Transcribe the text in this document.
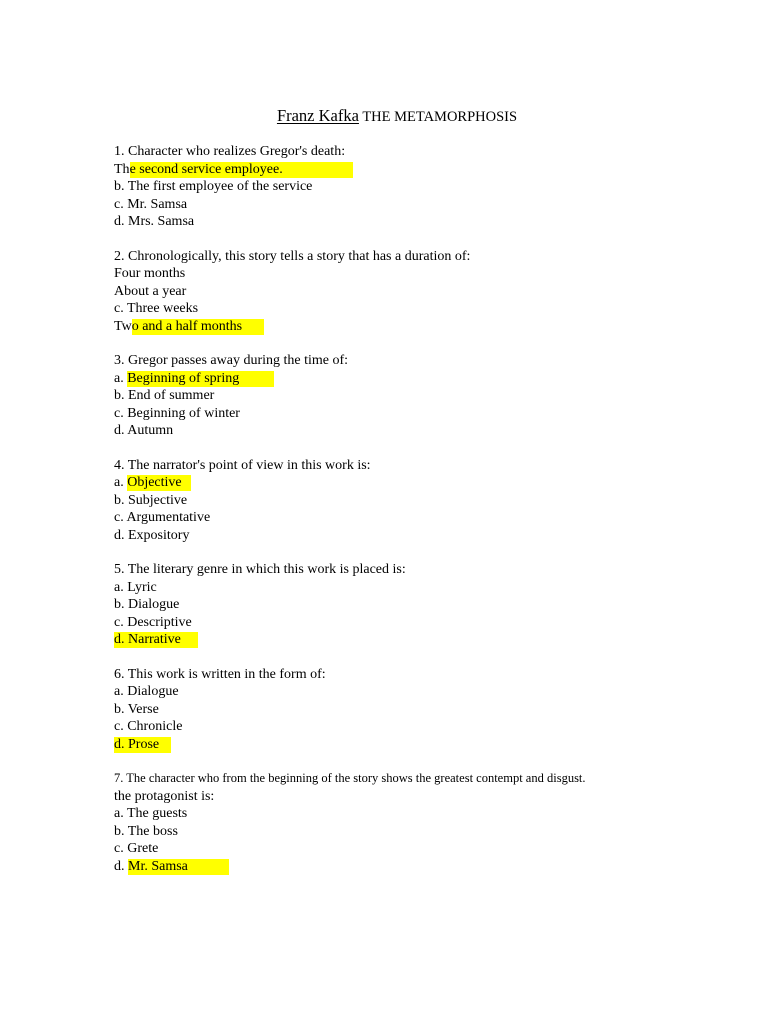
Franz Kafka THE METAMORPHOSIS
1. Character who realizes Gregor's death:
The second service employee.
b. The first employee of the service
c. Mr. Samsa
d. Mrs. Samsa
2. Chronologically, this story tells a story that has a duration of:
Four months
About a year
c. Three weeks
Two and a half months
3. Gregor passes away during the time of:
a. Beginning of spring
b. End of summer
c. Beginning of winter
d. Autumn
4. The narrator's point of view in this work is:
a. Objective
b. Subjective
c. Argumentative
d. Expository
5. The literary genre in which this work is placed is:
a. Lyric
b. Dialogue
c. Descriptive
d. Narrative
6. This work is written in the form of:
a. Dialogue
b. Verse
c. Chronicle
d. Prose
7. The character who from the beginning of the story shows the greatest contempt and disgust.
the protagonist is:
a. The guests
b. The boss
c. Grete
d. Mr. Samsa
